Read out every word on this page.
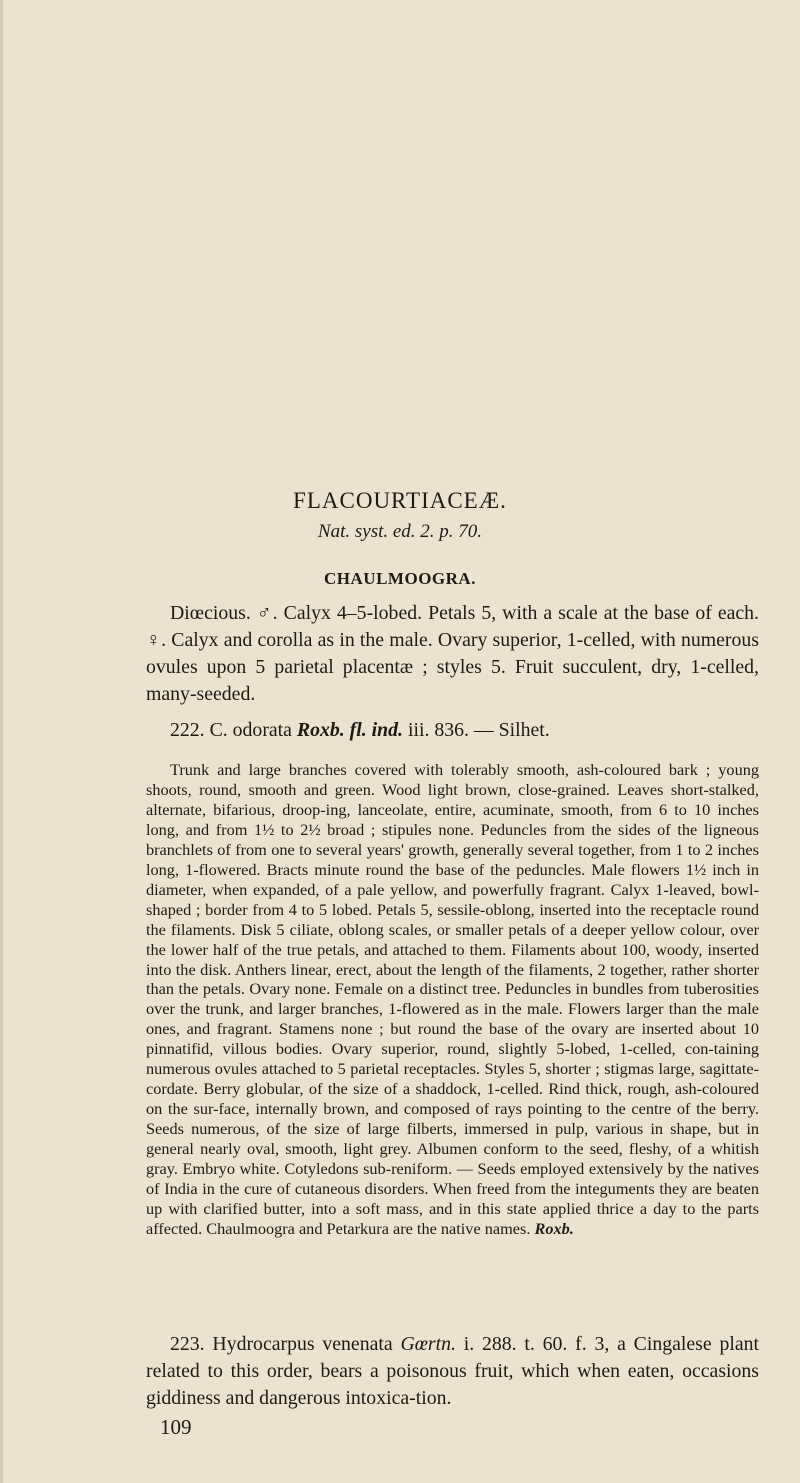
FLACOURTIACEÆ.

Nat. syst. ed. 2. p. 70.

CHAULMOOGRA.

Diœcious. ♂. Calyx 4–5-lobed. Petals 5, with a scale at the base of each. ♀. Calyx and corolla as in the male. Ovary superior, 1-celled, with numerous ovules upon 5 parietal placentæ ; styles 5. Fruit succulent, dry, 1-celled, many-seeded.

222. C. odorata Roxb. fl. ind. iii. 836. — Silhet.

Trunk and large branches covered with tolerably smooth, ash-coloured bark ; young shoots, round, smooth and green. Wood light brown, close-grained. Leaves short-stalked, alternate, bifarious, droop-ing, lanceolate, entire, acuminate, smooth, from 6 to 10 inches long, and from 1½ to 2½ broad ; stipules none. Peduncles from the sides of the ligneous branchlets of from one to several years' growth, generally several together, from 1 to 2 inches long, 1-flowered. Bracts minute round the base of the peduncles. Male flowers 1½ inch in diameter, when expanded, of a pale yellow, and powerfully fragrant. Calyx 1-leaved, bowl-shaped ; border from 4 to 5 lobed. Petals 5, sessile-oblong, inserted into the receptacle round the filaments. Disk 5 ciliate, oblong scales, or smaller petals of a deeper yellow colour, over the lower half of the true petals, and attached to them. Filaments about 100, woody, inserted into the disk. Anthers linear, erect, about the length of the filaments, 2 together, rather shorter than the petals. Ovary none. Female on a distinct tree. Peduncles in bundles from tuberosities over the trunk, and larger branches, 1-flowered as in the male. Flowers larger than the male ones, and fragrant. Stamens none ; but round the base of the ovary are inserted about 10 pinnatifid, villous bodies. Ovary superior, round, slightly 5-lobed, 1-celled, con-taining numerous ovules attached to 5 parietal receptacles. Styles 5, shorter ; stigmas large, sagittate-cordate. Berry globular, of the size of a shaddock, 1-celled. Rind thick, rough, ash-coloured on the sur-face, internally brown, and composed of rays pointing to the centre of the berry. Seeds numerous, of the size of large filberts, immersed in pulp, various in shape, but in general nearly oval, smooth, light grey. Albumen conform to the seed, fleshy, of a whitish gray. Embryo white. Cotyledons sub-reniform. — Seeds employed extensively by the natives of India in the cure of cutaneous disorders. When freed from the integuments they are beaten up with clarified butter, into a soft mass, and in this state applied thrice a day to the parts affected. Chaulmoogra and Petarkura are the native names. Roxb.

223. Hydrocarpus venenata Gœrtn. i. 288. t. 60. f. 3, a Cingalese plant related to this order, bears a poisonous fruit, which when eaten, occasions giddiness and dangerous intoxica-tion.

109
